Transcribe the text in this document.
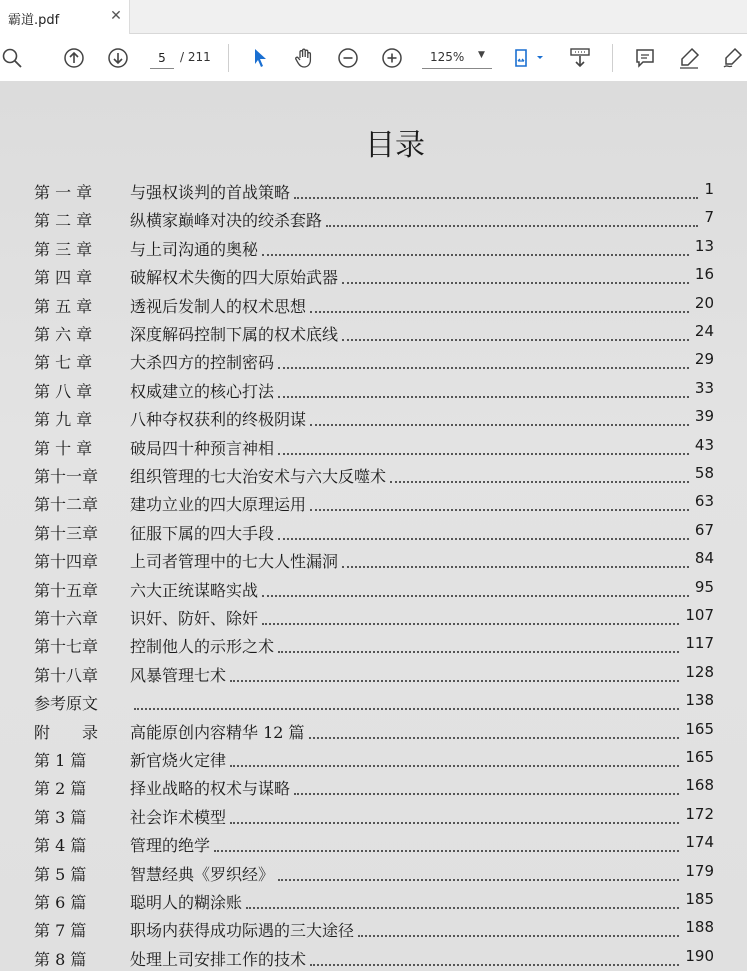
霸道.pdf	✕
5
/ 211	125% ▼
目录
第 一 章 与强权谈判的首战策略	1
第 二 章 纵横家巅峰对决的绞杀套路	7
第 三 章 与上司沟通的奥秘	13
第 四 章 破解权术失衡的四大原始武器	16
第 五 章 透视后发制人的权术思想	20
第 六 章 深度解码控制下属的权术底线	24
第 七 章 大杀四方的控制密码	29
第 八 章 权威建立的核心打法	33
第 九 章 八种夺权获利的终极阴谋	39
第 十 章 破局四十种预言神相	43
第十一章 组织管理的七大治安术与六大反噬术	58
第十二章 建功立业的四大原理运用	63
第十三章 征服下属的四大手段	67
第十四章 上司者管理中的七大人性漏洞	84
第十五章 六大正统谋略实战	95
第十六章 识奸、防奸、除奸	107
第十七章 控制他人的示形之术	117
第十八章 风暴管理七术	128
参考原文	138
附　　录 高能原创内容精华 12 篇	165
第 1 篇	新官烧火定律	165
第 2 篇	择业战略的权术与谋略	168
第 3 篇	社会诈术模型	172
第 4 篇	管理的绝学	174
第 5 篇	智慧经典《罗织经》	179
第 6 篇	聪明人的糊涂账	185
第 7 篇	职场内获得成功际遇的三大途径	188
第 8 篇	处理上司安排工作的技术	190
